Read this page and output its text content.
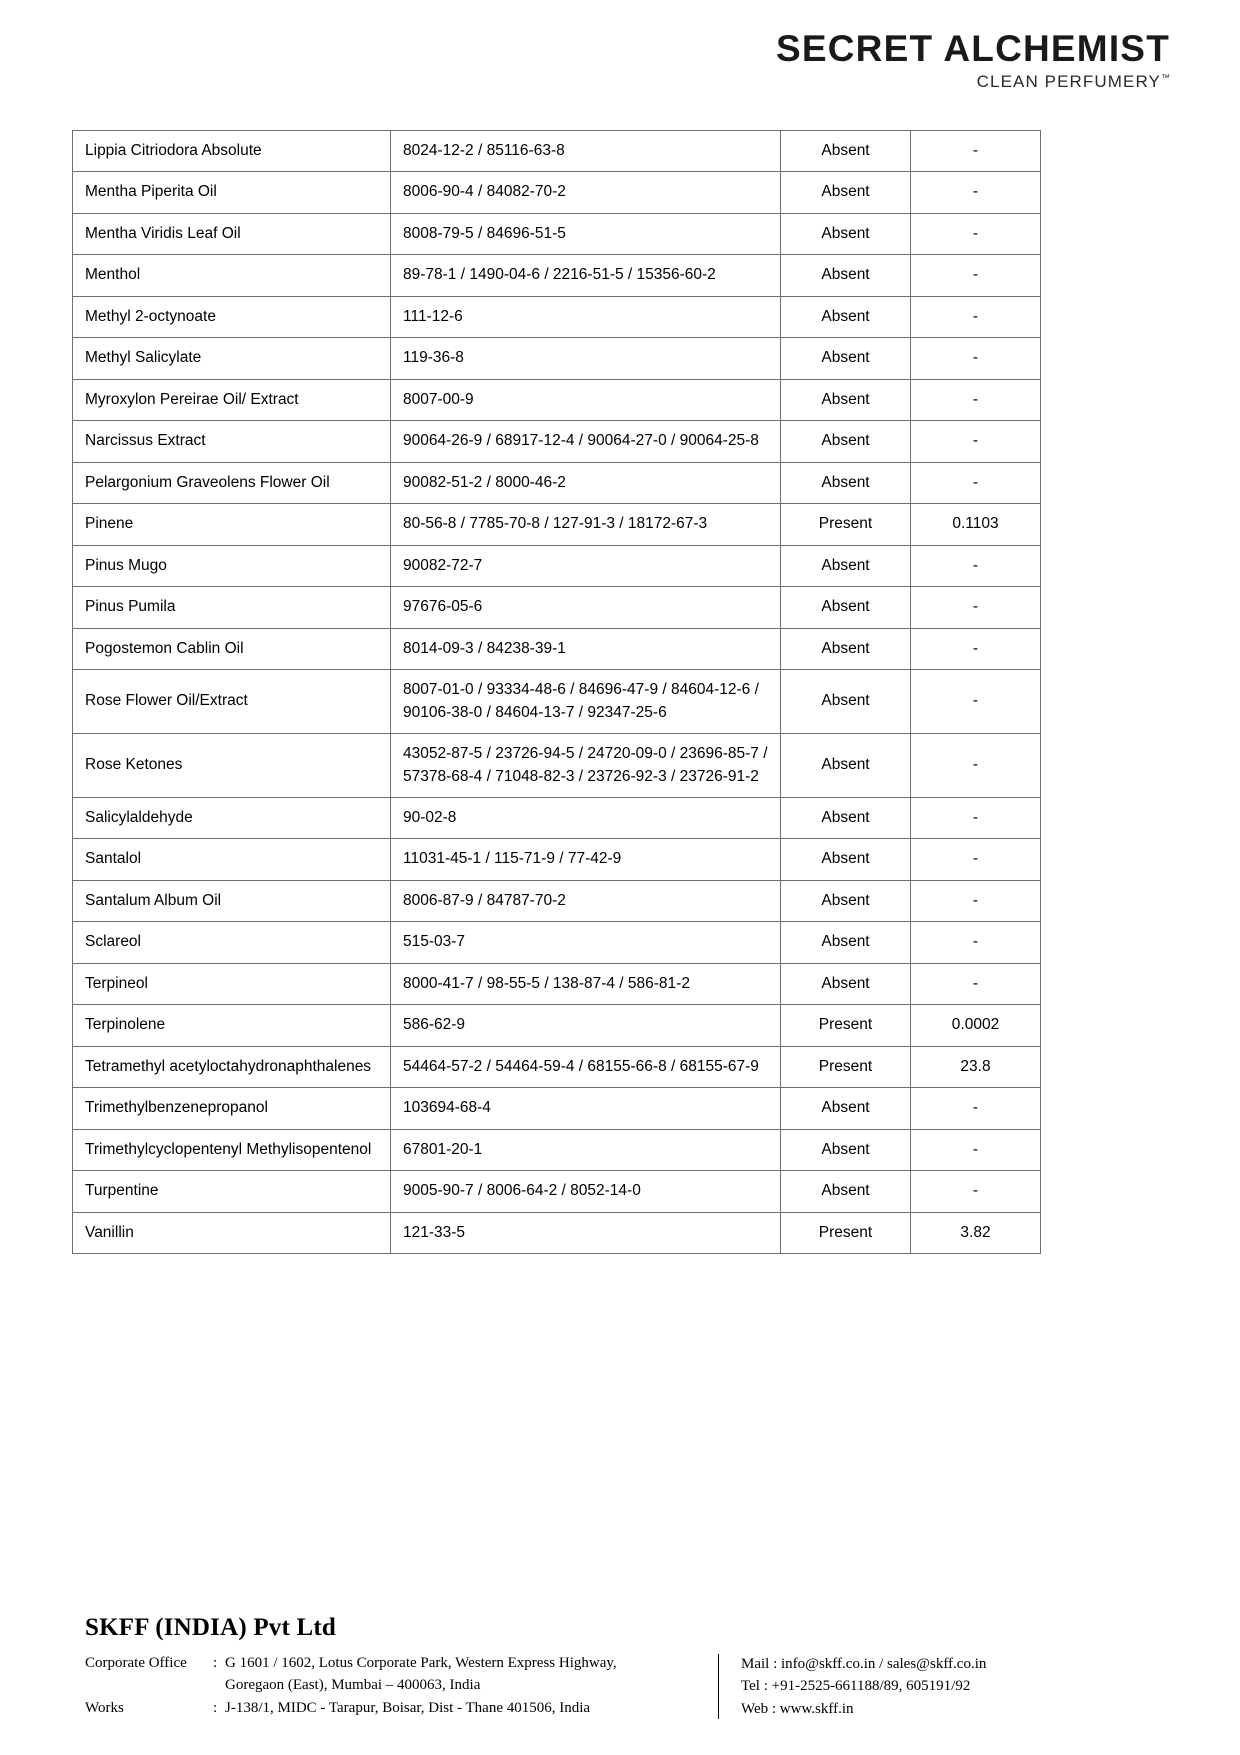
SECRET ALCHEMIST
CLEAN PERFUMERY™
Lippia Citriodora Absolute	8024-12-2 / 85116-63-8	Absent	-
Mentha Piperita Oil	8006-90-4 / 84082-70-2	Absent	-
Mentha Viridis Leaf Oil	8008-79-5 / 84696-51-5	Absent	-
Menthol	89-78-1 / 1490-04-6 / 2216-51-5 / 15356-60-2	Absent	-
Methyl 2-octynoate	111-12-6	Absent	-
Methyl Salicylate	119-36-8	Absent	-
Myroxylon Pereirae Oil/ Extract	8007-00-9	Absent	-
Narcissus Extract	90064-26-9 / 68917-12-4 / 90064-27-0 / 90064-25-8	Absent	-
Pelargonium Graveolens Flower Oil	90082-51-2 / 8000-46-2	Absent	-
Pinene	80-56-8 / 7785-70-8 / 127-91-3 / 18172-67-3	Present	0.1103
Pinus Mugo	90082-72-7	Absent	-
Pinus Pumila	97676-05-6	Absent	-
Pogostemon Cablin Oil	8014-09-3 / 84238-39-1	Absent	-
Rose Flower Oil/Extract	8007-01-0 / 93334-48-6 / 84696-47-9 / 84604-12-6 / 90106-38-0 / 84604-13-7 / 92347-25-6	Absent	-
Rose Ketones	43052-87-5 / 23726-94-5 / 24720-09-0 / 23696-85-7 / 57378-68-4 / 71048-82-3 / 23726-92-3 / 23726-91-2	Absent	-
Salicylaldehyde	90-02-8	Absent	-
Santalol	11031-45-1 / 115-71-9 / 77-42-9	Absent	-
Santalum Album Oil	8006-87-9 / 84787-70-2	Absent	-
Sclareol	515-03-7	Absent	-
Terpineol	8000-41-7 / 98-55-5 / 138-87-4 / 586-81-2	Absent	-
Terpinolene	586-62-9	Present	0.0002
Tetramethyl acetyloctahydronaphthalenes	54464-57-2 / 54464-59-4 / 68155-66-8 / 68155-67-9	Present	23.8
Trimethylbenzenepropanol	103694-68-4	Absent	-
Trimethylcyclopentenyl Methylisopentenol	67801-20-1	Absent	-
Turpentine	9005-90-7 / 8006-64-2 / 8052-14-0	Absent	-
Vanillin	121-33-5	Present	3.82
SKFF (INDIA) Pvt Ltd
Corporate Office	: G 1601 / 1602, Lotus Corporate Park, Western Express Highway,
Goregaon (East), Mumbai – 400063, India
Works	: J-138/1, MIDC - Tarapur, Boisar, Dist - Thane 401506, India
Mail : info@skff.co.in / sales@skff.co.in
Tel : +91-2525-661188/89, 605191/92
Web : www.skff.in
